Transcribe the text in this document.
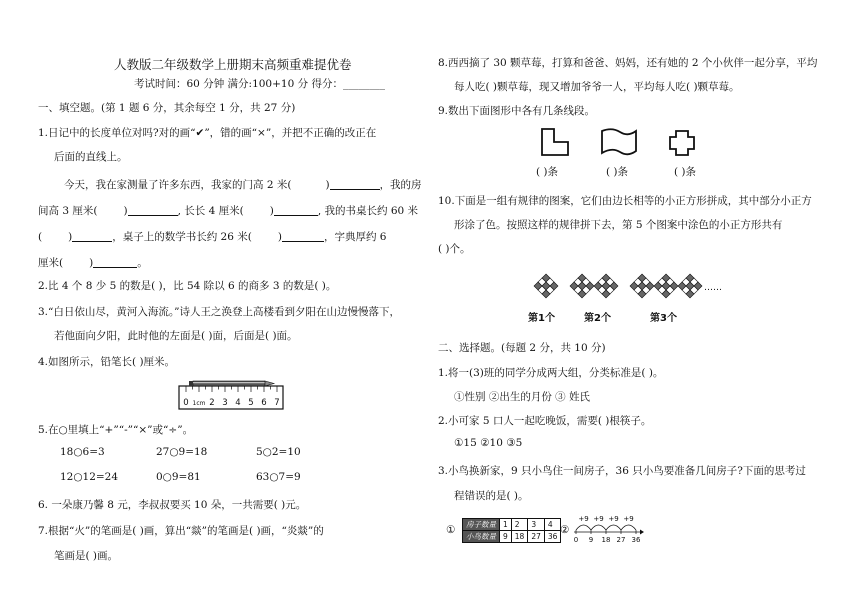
人教版二年级数学上册期末高频重难提优卷
考试时间：60 分钟 满分:100+10 分 得分：________
一、填空题。(第 1 题 6 分，其余每空 1 分，共 27 分)
1.日记中的长度单位对吗?对的画“✔”，错的画“×”，并把不正确的改正在
后面的直线上。
今天，我在家测量了许多东西，我家的门高 2 米(	)	，我的房
间高 3 厘米( )	, 长长 4 厘米( )	, 我的书桌长约 60 米
( )	，桌子上的数学书长约 26 米( )	，字典厚约 6
厘米( )	。
2.比 4 个 8 少 5 的数是( )，比 54 除以 6 的商多 3 的数是( )。
3.“白日依山尽，黄河入海流。”诗人王之涣登上高楼看到夕阳在山边慢慢落下，
若他面向夕阳，此时他的左面是( )面，后面是( )面。
4.如图所示，铅笔长( )厘米。
0 1cm 2 3 4 5 6 7
5.在○里填上“+”“-”“×”或“÷”。
18○6=3	27○9=18	5○2=10
12○12=24	0○9=81	63○7=9
6. 一朵康乃馨 8 元，李叔叔要买 10 朵，一共需要( )元。
7.根据“火”的笔画是( )画，算出“燚”的笔画是( )画，“炎燚”的
笔画是( )画。
8.西西摘了 30 颗草莓，打算和爸爸、妈妈，还有她的 2 个小伙伴一起分享，平均
每人吃( )颗草莓，现又增加爷爷一人，平均每人吃( )颗草莓。
9.数出下面图形中各有几条线段。
( )条	( )条	( )条
10.下面是一组有规律的图案，它们由边长相等的小正方形拼成，其中部分小正方
形涂了色。按照这样的规律拼下去，第 5 个图案中涂色的小正方形共有
( )个。
第1个	第2个	第3个
……
二、选择题。(每题 2 分，共 10 分)
1.将一(3)班的同学分成两大组，分类标准是( )。
①性别 ②出生的月份 ③ 姓氏
2.小可家 5 口人一起吃晚饭，需要( )根筷子。
①15 ②10 ③5
3.小鸟换新家，9 只小鸟住一间房子，36 只小鸟要准备几间房子?下面的思考过
程错误的是( )。
① 房子数量	1	2	3	4
小鸟数量	9	18	27	36
②
0 9 18 27 36
+9 +9 +9 +9
